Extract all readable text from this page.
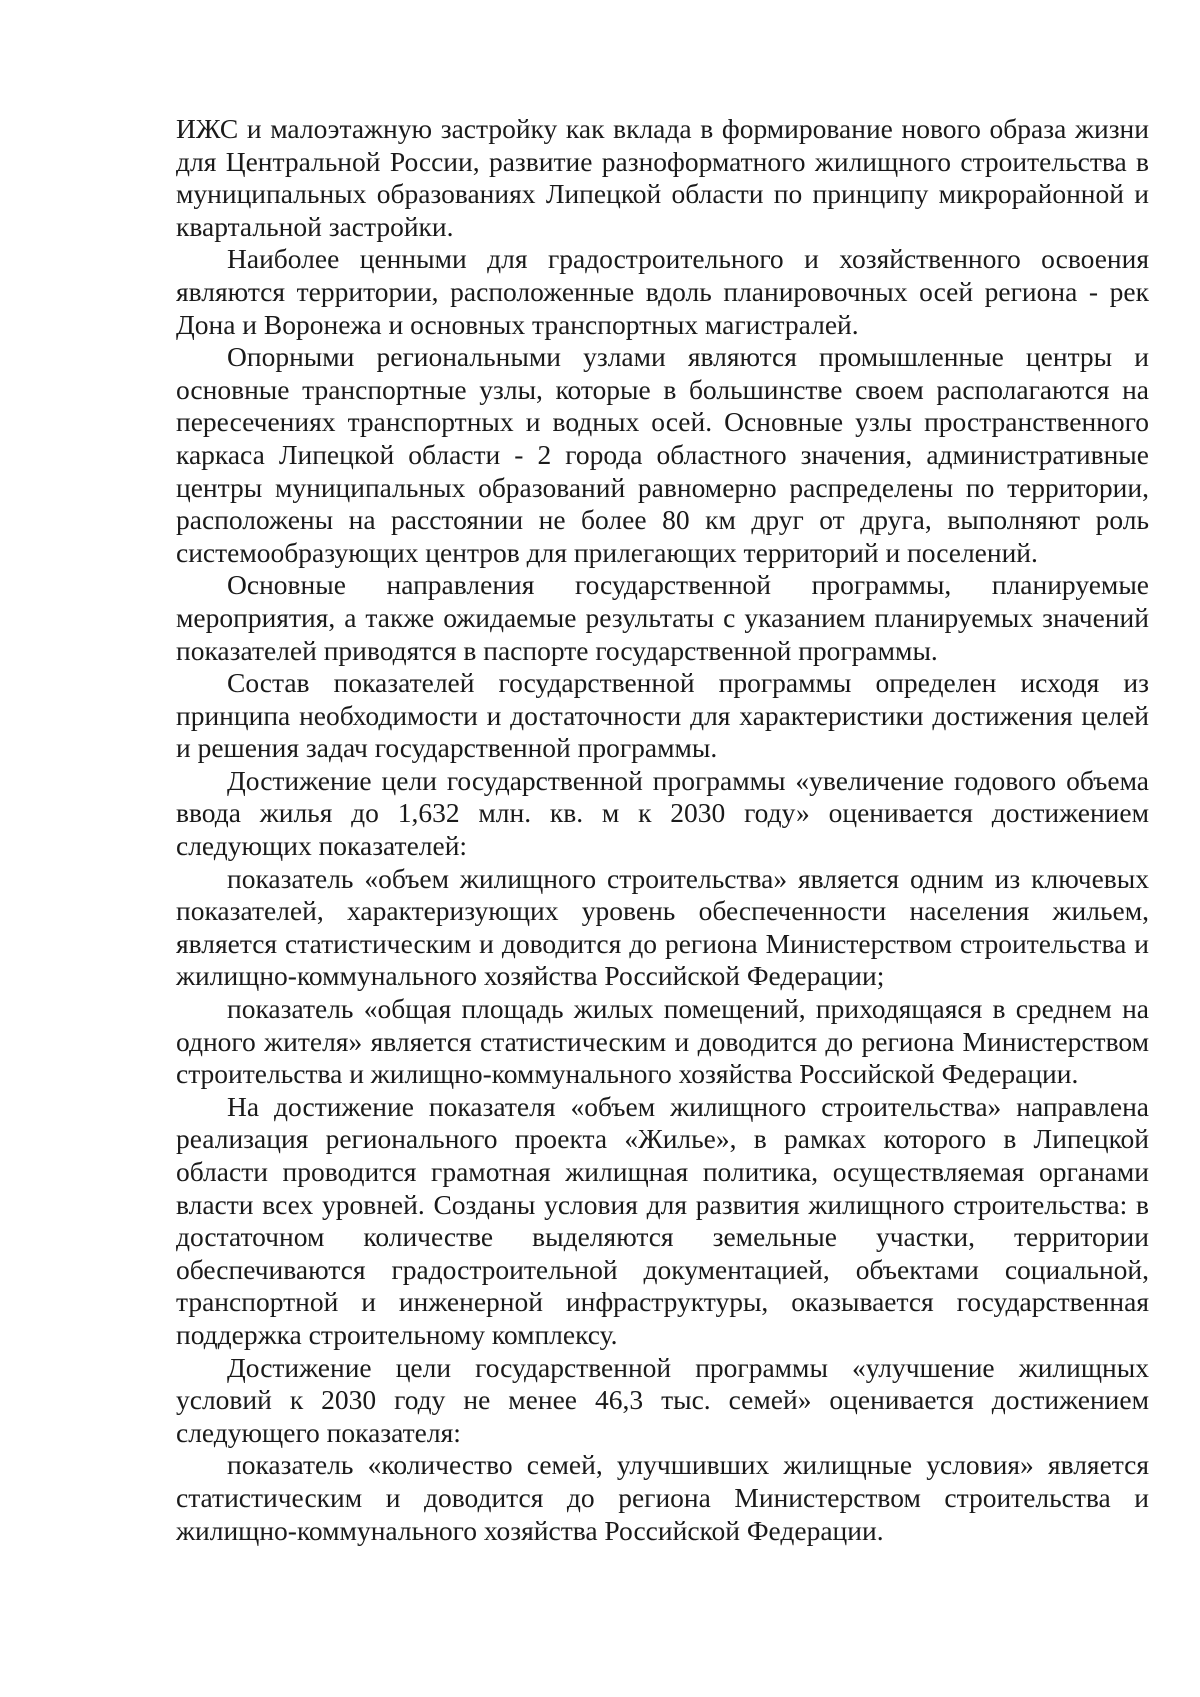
ИЖС и малоэтажную застройку как вклада в формирование нового образа жизни для Центральной России, развитие разноформатного жилищного строительства в муниципальных образованиях Липецкой области по принципу микрорайонной и квартальной застройки.

Наиболее ценными для градостроительного и хозяйственного освоения являются территории, расположенные вдоль планировочных осей региона - рек Дона и Воронежа и основных транспортных магистралей.

Опорными региональными узлами являются промышленные центры и основные транспортные узлы, которые в большинстве своем располагаются на пересечениях транспортных и водных осей. Основные узлы пространственного каркаса Липецкой области - 2 города областного значения, административные центры муниципальных образований равномерно распределены по территории, расположены на расстоянии не более 80 км друг от друга, выполняют роль системообразующих центров для прилегающих территорий и поселений.

Основные направления государственной программы, планируемые мероприятия, а также ожидаемые результаты с указанием планируемых значений показателей приводятся в паспорте государственной программы.

Состав показателей государственной программы определен исходя из принципа необходимости и достаточности для характеристики достижения целей и решения задач государственной программы.

Достижение цели государственной программы «увеличение годового объема ввода жилья до 1,632 млн. кв. м к 2030 году» оценивается достижением следующих показателей:

показатель «объем жилищного строительства» является одним из ключевых показателей, характеризующих уровень обеспеченности населения жильем, является статистическим и доводится до региона Министерством строительства и жилищно-коммунального хозяйства Российской Федерации;

показатель «общая площадь жилых помещений, приходящаяся в среднем на одного жителя» является статистическим и доводится до региона Министерством строительства и жилищно-коммунального хозяйства Российской Федерации.

На достижение показателя «объем жилищного строительства» направлена реализация регионального проекта «Жилье», в рамках которого в Липецкой области проводится грамотная жилищная политика, осуществляемая органами власти всех уровней. Созданы условия для развития жилищного строительства: в достаточном количестве выделяются земельные участки, территории обеспечиваются градостроительной документацией, объектами социальной, транспортной и инженерной инфраструктуры, оказывается государственная поддержка строительному комплексу.

Достижение цели государственной программы «улучшение жилищных условий к 2030 году не менее 46,3 тыс. семей» оценивается достижением следующего показателя:

показатель «количество семей, улучшивших жилищные условия» является статистическим и доводится до региона Министерством строительства и жилищно-коммунального хозяйства Российской Федерации.
